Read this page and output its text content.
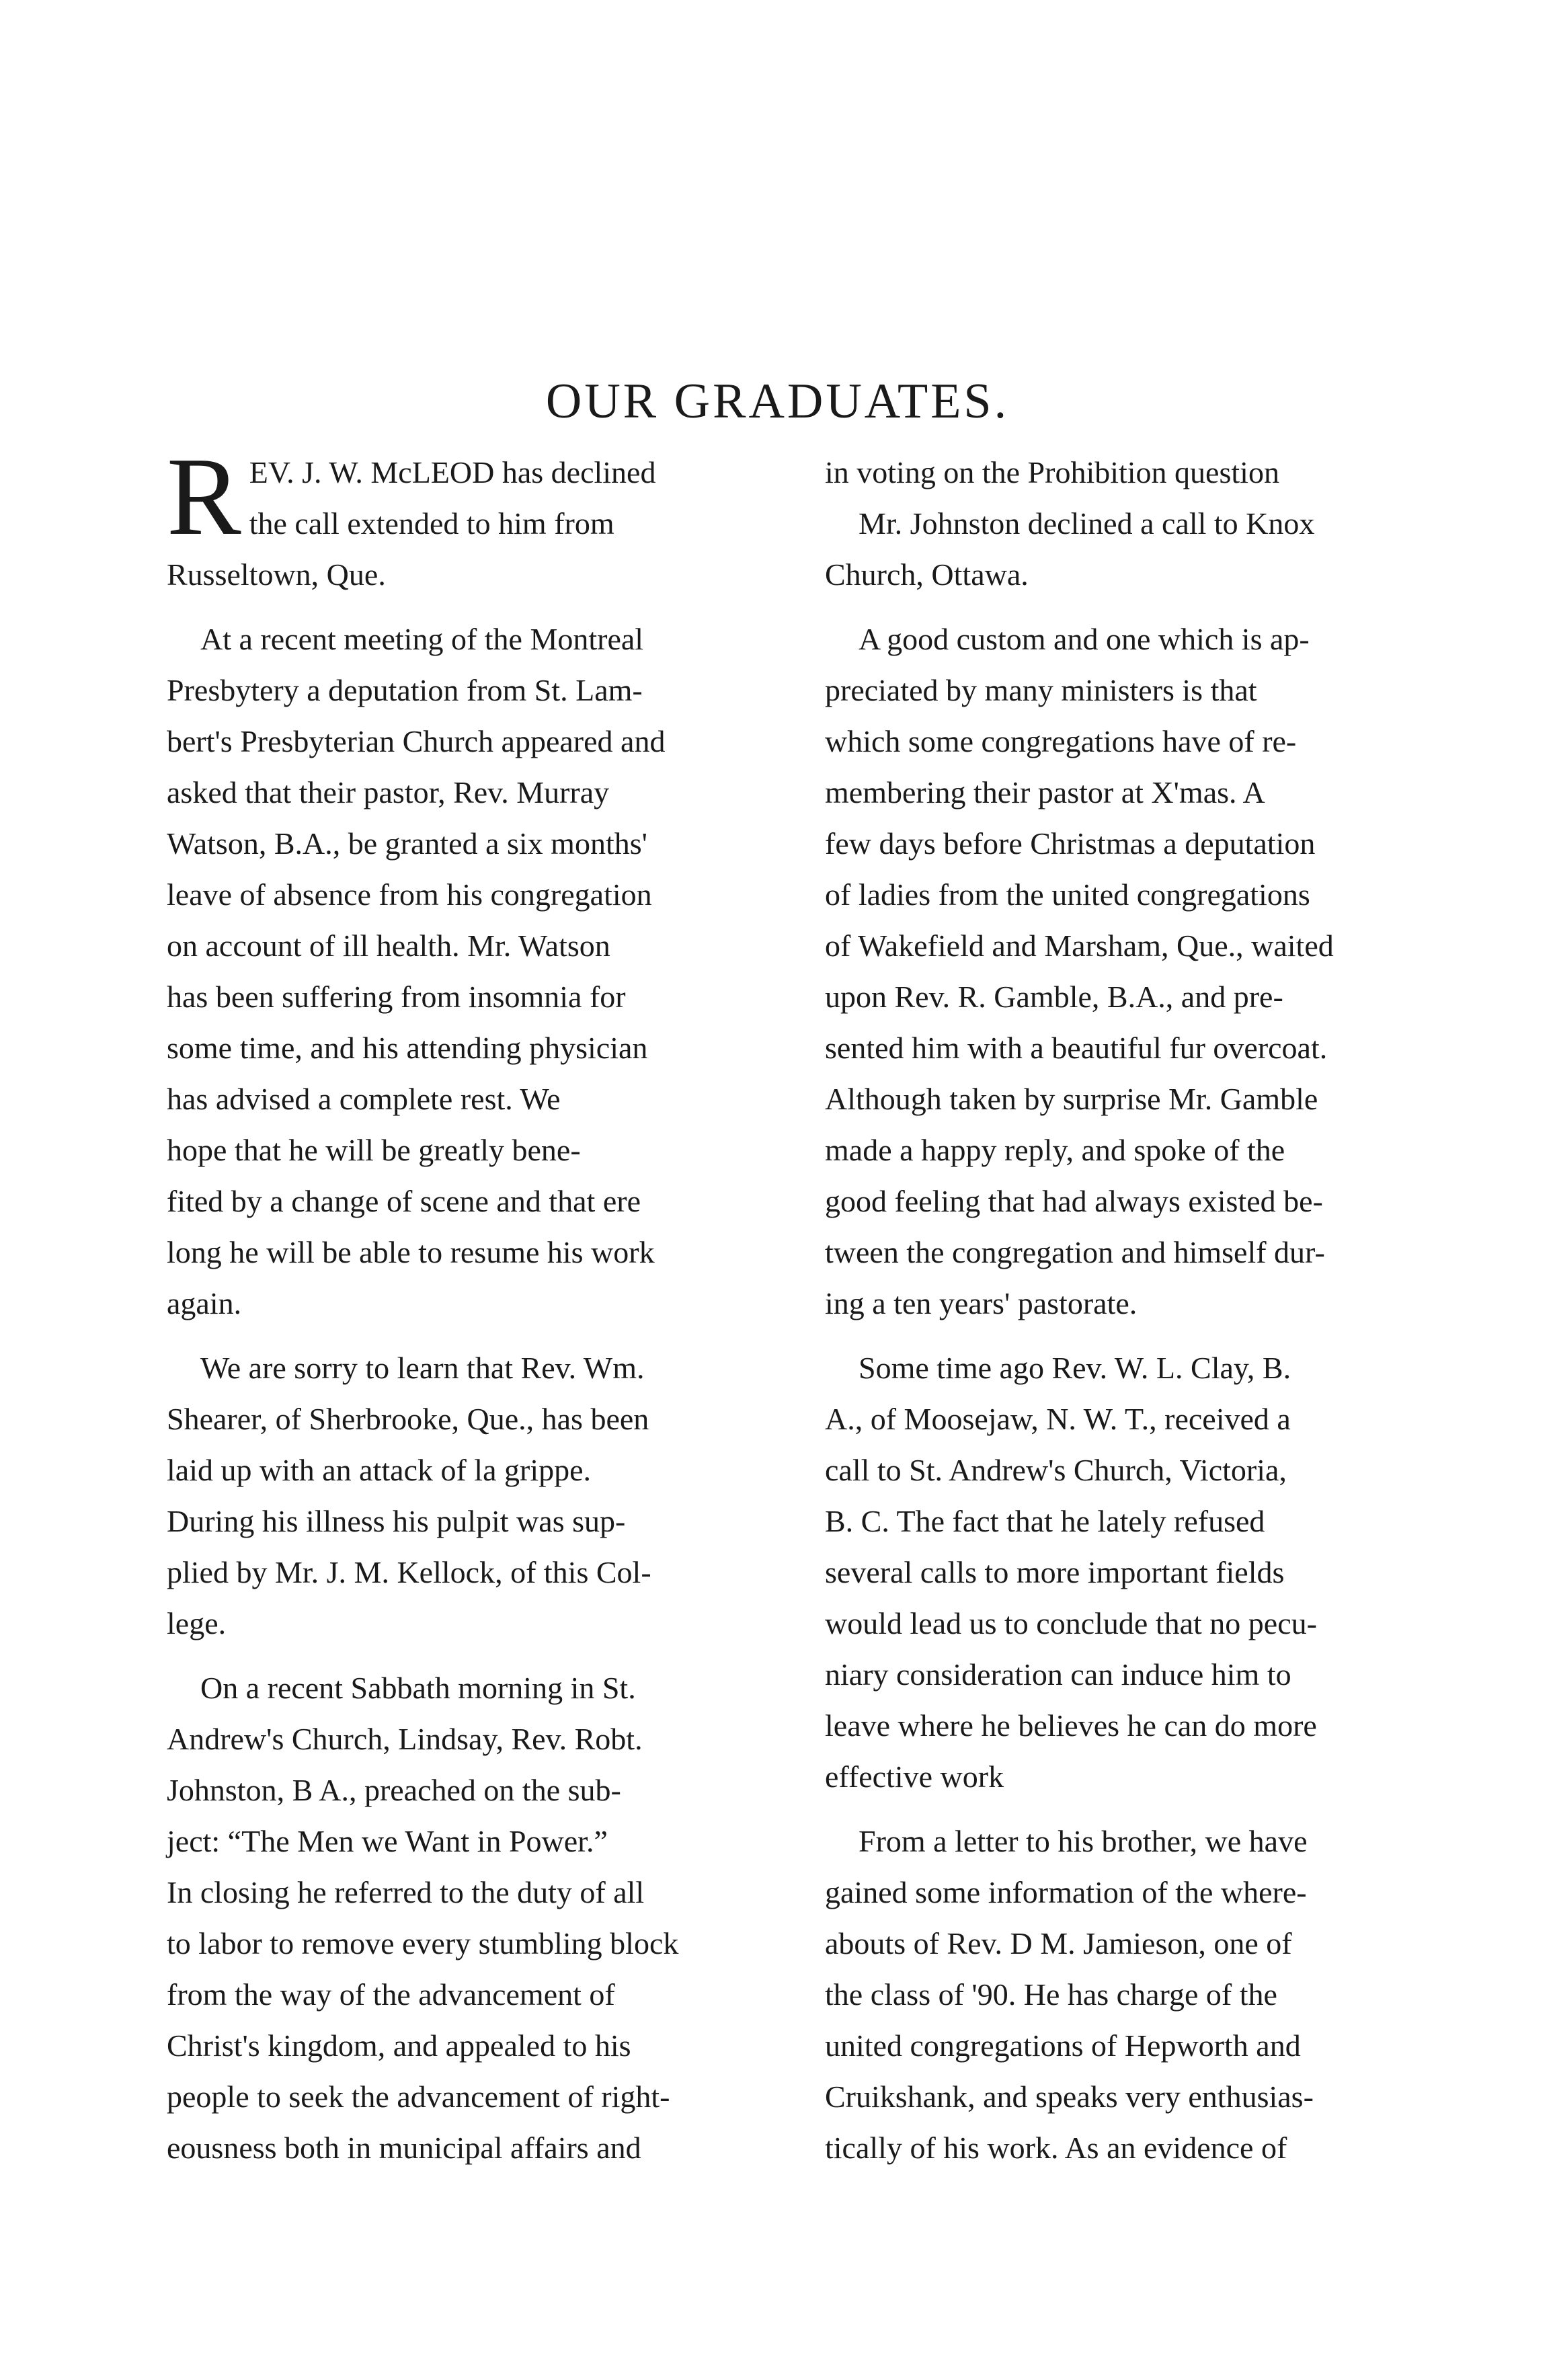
OUR GRADUATES.

R EV. J. W. McLEOD has declined
the call extended to him from
Russeltown, Que.

At a recent meeting of the Montreal
Presbytery a deputation from St. Lam-
bert's Presbyterian Church appeared and
asked that their pastor, Rev. Murray
Watson, B.A., be granted a six months'
leave of absence from his congregation
on account of ill health. Mr. Watson
has been suffering from insomnia for
some time, and his attending physician
has advised a complete rest. We
hope that he will be greatly bene-
fited by a change of scene and that ere
long he will be able to resume his work
again.

We are sorry to learn that Rev. Wm.
Shearer, of Sherbrooke, Que., has been
laid up with an attack of la grippe.
During his illness his pulpit was sup-
plied by Mr. J. M. Kellock, of this Col-
lege.

On a recent Sabbath morning in St.
Andrew's Church, Lindsay, Rev. Robt.
Johnston, B A., preached on the sub-
ject: “The Men we Want in Power.”
In closing he referred to the duty of all
to labor to remove every stumbling block
from the way of the advancement of
Christ's kingdom, and appealed to his
people to seek the advancement of right-
eousness both in municipal affairs and

in voting on the Prohibition question
Mr. Johnston declined a call to Knox
Church, Ottawa.

A good custom and one which is ap-
preciated by many ministers is that
which some congregations have of re-
membering their pastor at X'mas. A
few days before Christmas a deputation
of ladies from the united congregations
of Wakefield and Marsham, Que., waited
upon Rev. R. Gamble, B.A., and pre-
sented him with a beautiful fur overcoat.
Although taken by surprise Mr. Gamble
made a happy reply, and spoke of the
good feeling that had always existed be-
tween the congregation and himself dur-
ing a ten years' pastorate.

Some time ago Rev. W. L. Clay, B.
A., of Moosejaw, N. W. T., received a
call to St. Andrew's Church, Victoria,
B. C. The fact that he lately refused
several calls to more important fields
would lead us to conclude that no pecu-
niary consideration can induce him to
leave where he believes he can do more
effective work

From a letter to his brother, we have
gained some information of the where-
abouts of Rev. D M. Jamieson, one of
the class of '90. He has charge of the
united congregations of Hepworth and
Cruikshank, and speaks very enthusias-
tically of his work. As an evidence of
